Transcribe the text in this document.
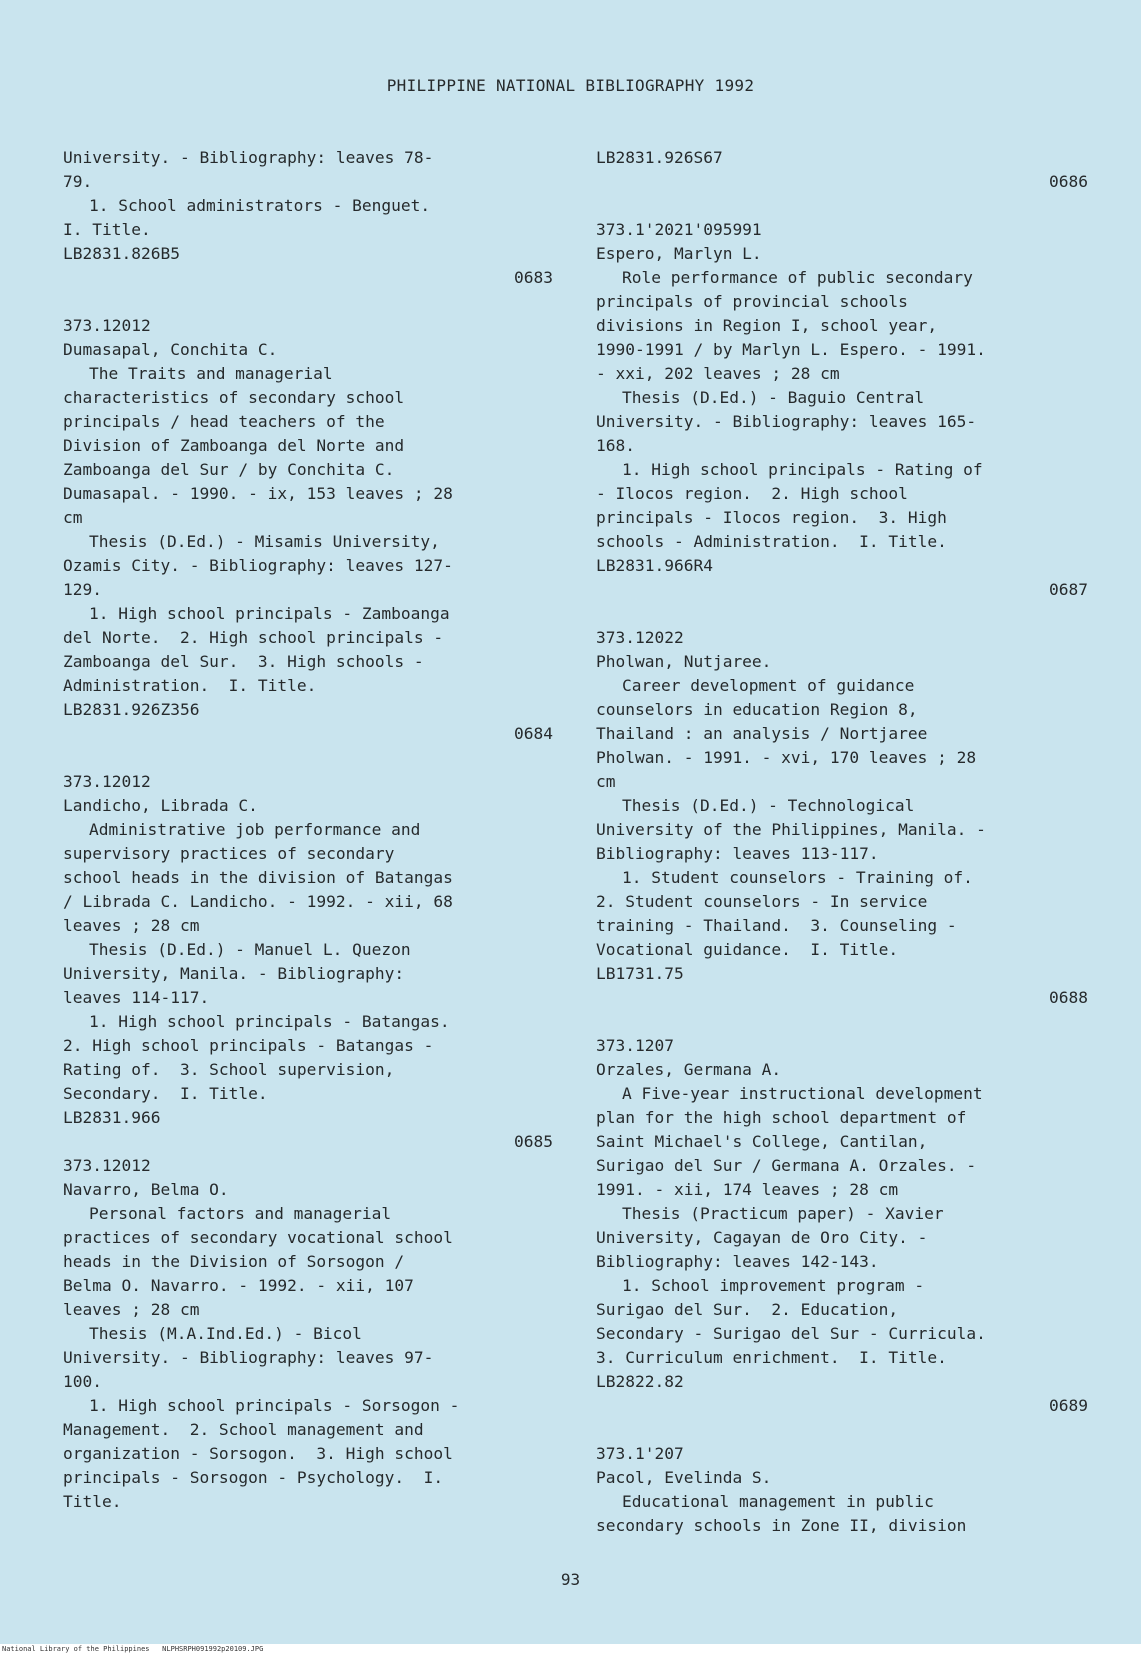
PHILIPPINE NATIONAL BIBLIOGRAPHY 1992
University. - Bibliography: leaves 78-
79.
1. School administrators - Benguet.
I. Title.
LB2831.826B5
0683
373.12012
Dumasapal, Conchita C.
The Traits and managerial
characteristics of secondary school
principals / head teachers of the
Division of Zamboanga del Norte and
Zamboanga del Sur / by Conchita C.
Dumasapal. - 1990. - ix, 153 leaves ; 28
cm
Thesis (D.Ed.) - Misamis University,
Ozamis City. - Bibliography: leaves 127-
129.
1. High school principals - Zamboanga
del Norte.  2. High school principals -
Zamboanga del Sur.  3. High schools -
Administration.  I. Title.
LB2831.926Z356
0684
373.12012
Landicho, Librada C.
Administrative job performance and
supervisory practices of secondary
school heads in the division of Batangas
/ Librada C. Landicho. - 1992. - xii, 68
leaves ; 28 cm
Thesis (D.Ed.) - Manuel L. Quezon
University, Manila. - Bibliography:
leaves 114-117.
1. High school principals - Batangas.
2. High school principals - Batangas -
Rating of.  3. School supervision,
Secondary.  I. Title.
LB2831.966
0685
373.12012
Navarro, Belma O.
Personal factors and managerial
practices of secondary vocational school
heads in the Division of Sorsogon /
Belma O. Navarro. - 1992. - xii, 107
leaves ; 28 cm
Thesis (M.A.Ind.Ed.) - Bicol
University. - Bibliography: leaves 97-
100.
1. High school principals - Sorsogon -
Management.  2. School management and
organization - Sorsogon.  3. High school
principals - Sorsogon - Psychology.  I.
Title.
LB2831.926S67
0686
373.1'2021'095991
Espero, Marlyn L.
Role performance of public secondary
principals of provincial schools
divisions in Region I, school year,
1990-1991 / by Marlyn L. Espero. - 1991.
- xxi, 202 leaves ; 28 cm
Thesis (D.Ed.) - Baguio Central
University. - Bibliography: leaves 165-
168.
1. High school principals - Rating of
- Ilocos region.  2. High school
principals - Ilocos region.  3. High
schools - Administration.  I. Title.
LB2831.966R4
0687
373.12022
Pholwan, Nutjaree.
Career development of guidance
counselors in education Region 8,
Thailand : an analysis / Nortjaree
Pholwan. - 1991. - xvi, 170 leaves ; 28
cm
Thesis (D.Ed.) - Technological
University of the Philippines, Manila. -
Bibliography: leaves 113-117.
1. Student counselors - Training of.
2. Student counselors - In service
training - Thailand.  3. Counseling -
Vocational guidance.  I. Title.
LB1731.75
0688
373.1207
Orzales, Germana A.
A Five-year instructional development
plan for the high school department of
Saint Michael's College, Cantilan,
Surigao del Sur / Germana A. Orzales. -
1991. - xii, 174 leaves ; 28 cm
Thesis (Practicum paper) - Xavier
University, Cagayan de Oro City. -
Bibliography: leaves 142-143.
1. School improvement program -
Surigao del Sur.  2. Education,
Secondary - Surigao del Sur - Curricula.
3. Curriculum enrichment.  I. Title.
LB2822.82
0689
373.1'207
Pacol, Evelinda S.
Educational management in public
secondary schools in Zone II, division
93
National Library of the Philippines NLPHSRPH091992p20109.JPG
